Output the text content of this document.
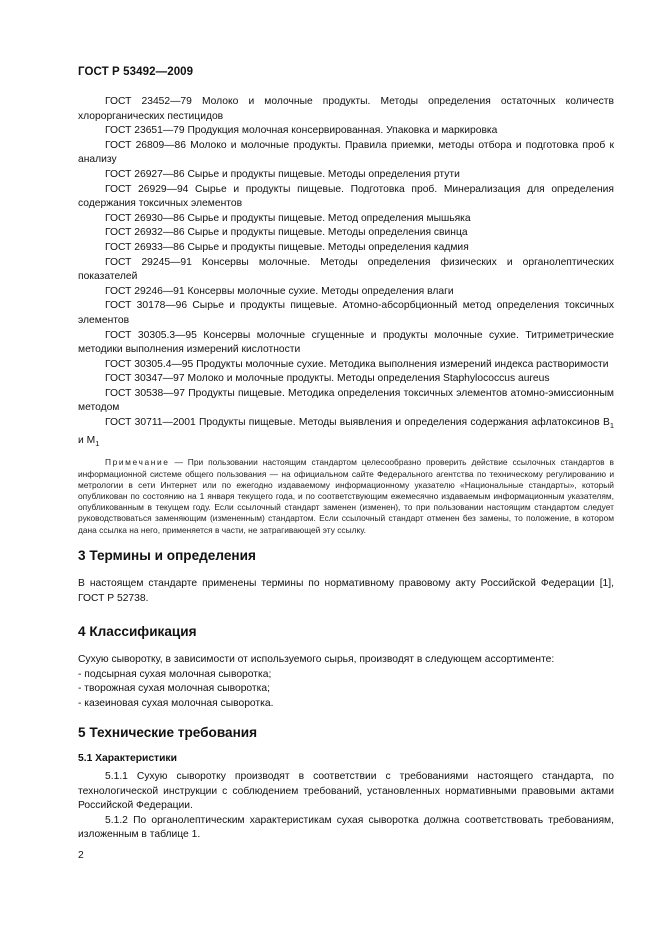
ГОСТ Р 53492—2009
ГОСТ 23452—79 Молоко и молочные продукты. Методы определения остаточных количеств хлорорганических пестицидов
ГОСТ 23651—79 Продукция молочная консервированная. Упаковка и маркировка
ГОСТ 26809—86 Молоко и молочные продукты. Правила приемки, методы отбора и подготовка проб к анализу
ГОСТ 26927—86 Сырье и продукты пищевые. Методы определения ртути
ГОСТ 26929—94 Сырье и продукты пищевые. Подготовка проб. Минерализация для определения содержания токсичных элементов
ГОСТ 26930—86 Сырье и продукты пищевые. Метод определения мышьяка
ГОСТ 26932—86 Сырье и продукты пищевые. Методы определения свинца
ГОСТ 26933—86 Сырье и продукты пищевые. Методы определения кадмия
ГОСТ 29245—91 Консервы молочные. Методы определения физических и органолептических показателей
ГОСТ 29246—91 Консервы молочные сухие. Методы определения влаги
ГОСТ 30178—96 Сырье и продукты пищевые. Атомно-абсорбционный метод определения токсичных элементов
ГОСТ 30305.3—95 Консервы молочные сгущенные и продукты молочные сухие. Титриметрические методики выполнения измерений кислотности
ГОСТ 30305.4—95 Продукты молочные сухие. Методика выполнения измерений индекса растворимости
ГОСТ 30347—97 Молоко и молочные продукты. Методы определения Staphylococcus aureus
ГОСТ 30538—97 Продукты пищевые. Методика определения токсичных элементов атомно-эмиссионным методом
ГОСТ 30711—2001 Продукты пищевые. Методы выявления и определения содержания афлатоксинов $B_1$ и $M_1$
Примечание — При пользовании настоящим стандартом целесообразно проверить действие ссылочных стандартов в информационной системе общего пользования — на официальном сайте Федерального агентства по техническому регулированию и метрологии в сети Интернет или по ежегодно издаваемому информационному указателю «Национальные стандарты», который опубликован по состоянию на 1 января текущего года, и по соответствующим ежемесячно издаваемым информационным указателям, опубликованным в текущем году. Если ссылочный стандарт заменен (изменен), то при пользовании настоящим стандартом следует руководствоваться заменяющим (измененным) стандартом. Если ссылочный стандарт отменен без замены, то положение, в котором дана ссылка на него, применяется в части, не затрагивающей эту ссылку.
3 Термины и определения

В настоящем стандарте применены термины по нормативному правовому акту Российской Федерации [1], ГОСТ Р 52738.

4 Классификация

Сухую сыворотку, в зависимости от используемого сырья, производят в следующем ассортименте:

- подсырная сухая молочная сыворотка;
- творожная сухая молочная сыворотка;
- казеиновая сухая молочная сыворотка.
5 Технические требования
5.1 Характеристики

5.1.1 Сухую сыворотку производят в соответствии с требованиями настоящего стандарта, по технологической инструкции с соблюдением требований, установленных нормативными правовыми актами Российской Федерации.

5.1.2 По органолептическим характеристикам сухая сыворотка должна соответствовать требованиям, изложенным в таблице 1.

2
